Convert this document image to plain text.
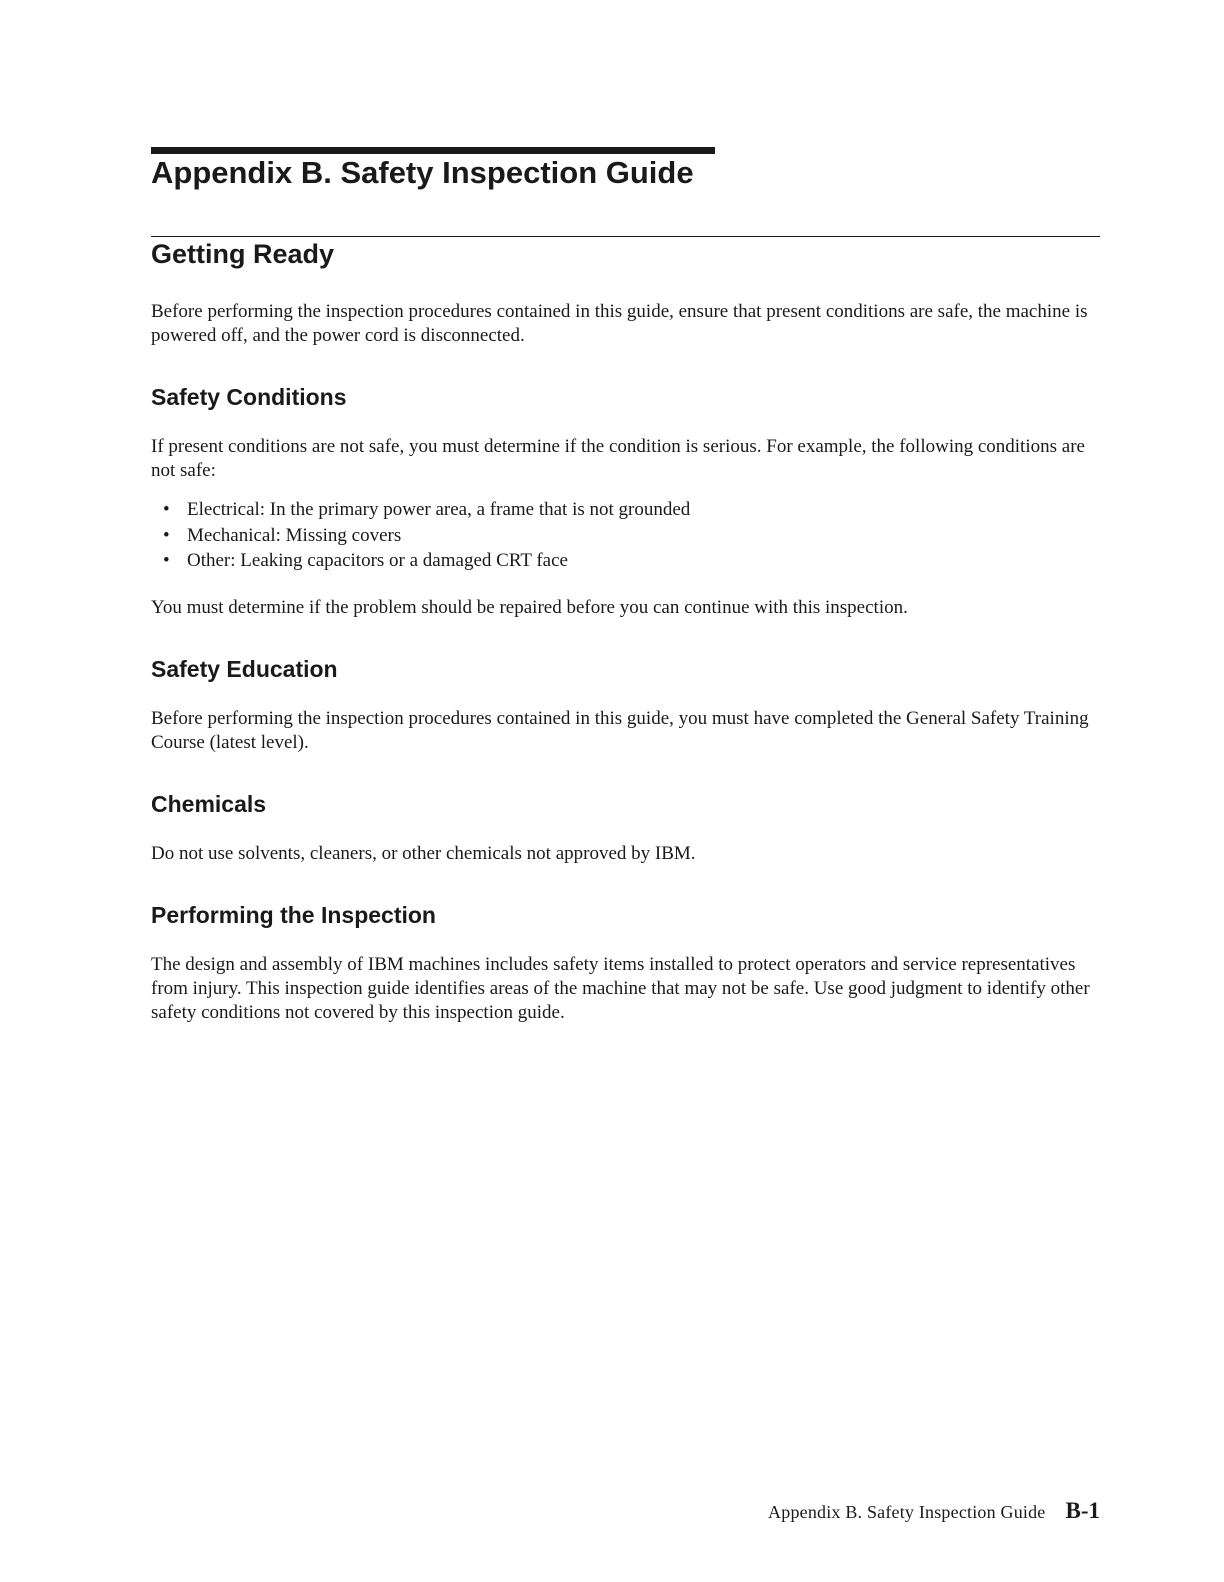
Appendix B. Safety Inspection Guide
Getting Ready

Before performing the inspection procedures contained in this guide, ensure that present conditions are safe, the machine is powered off, and the power cord is disconnected.

Safety Conditions

If present conditions are not safe, you must determine if the condition is serious. For example, the following conditions are not safe:

• Electrical: In the primary power area, a frame that is not grounded
• Mechanical: Missing covers
• Other: Leaking capacitors or a damaged CRT face

You must determine if the problem should be repaired before you can continue with this inspection.

Safety Education

Before performing the inspection procedures contained in this guide, you must have completed the General Safety Training Course (latest level).

Chemicals

Do not use solvents, cleaners, or other chemicals not approved by IBM.

Performing the Inspection

The design and assembly of IBM machines includes safety items installed to protect operators and service representatives from injury. This inspection guide identifies areas of the machine that may not be safe. Use good judgment to identify other safety conditions not covered by this inspection guide.

Appendix B. Safety Inspection Guide B-1
